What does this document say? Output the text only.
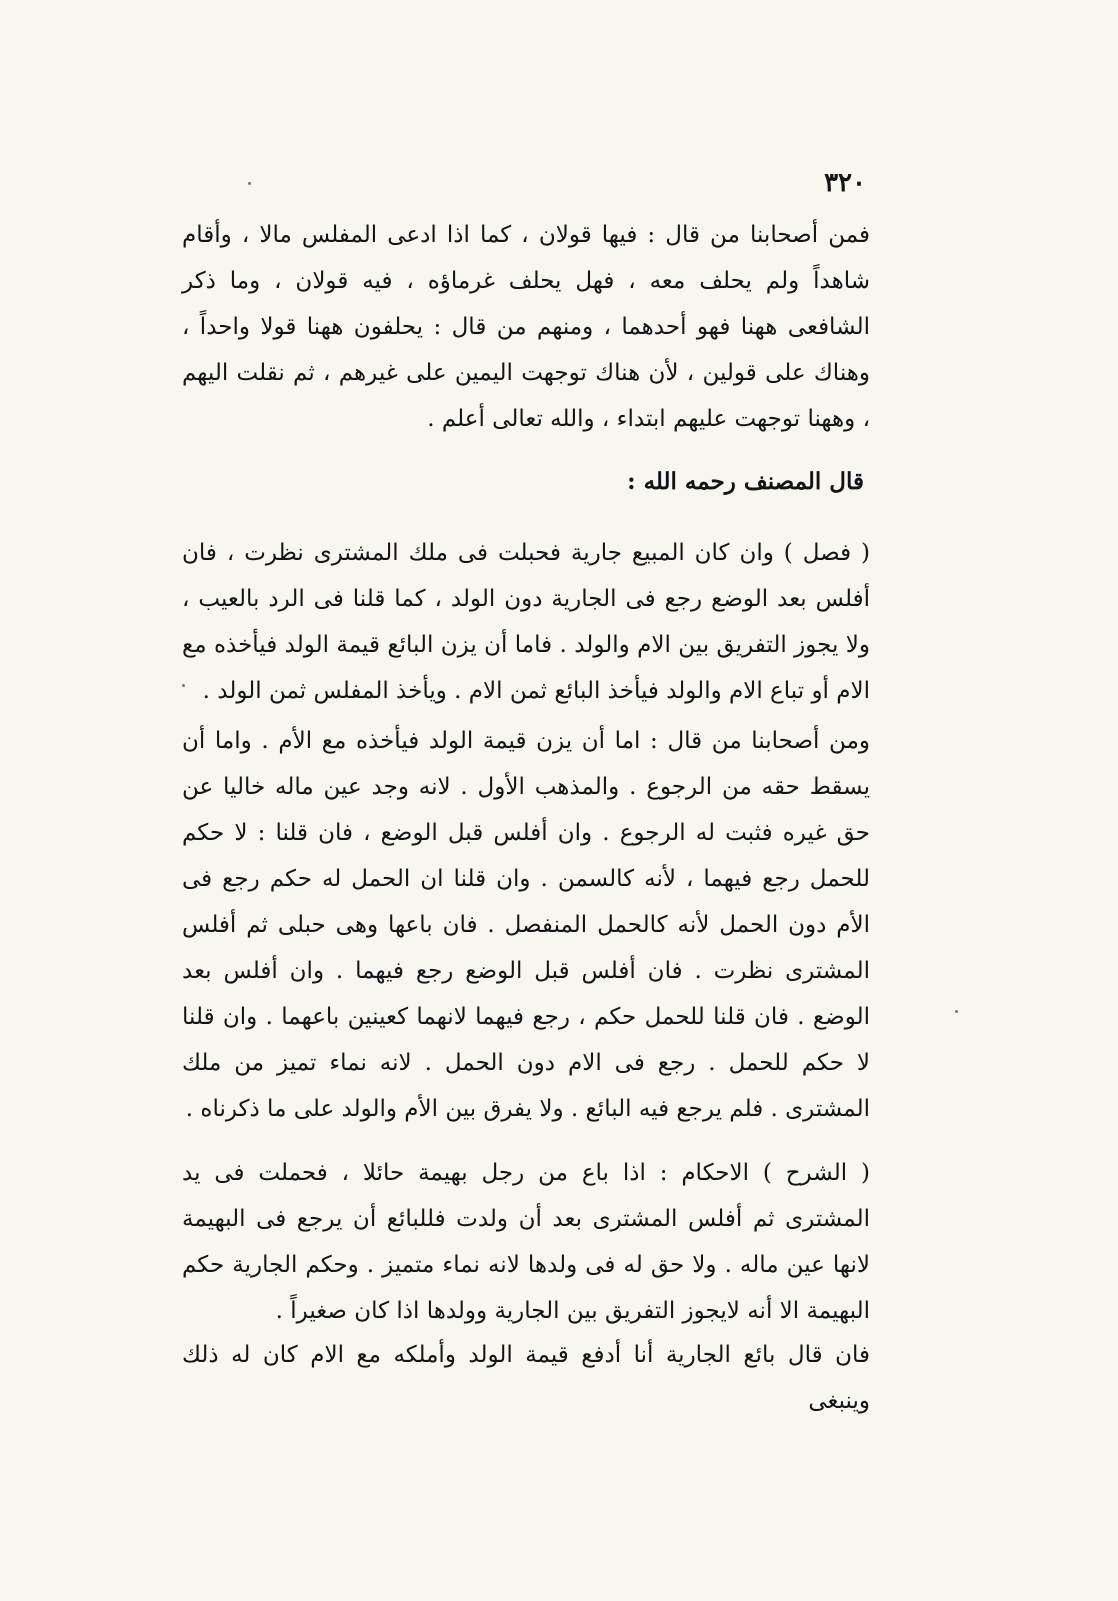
٣٢٠

فمن أصحابنا من قال : فيها قولان ، كما اذا ادعى المفلس مالا ، وأقام شاهداً ولم يحلف معه ، فهل يحلف غرماؤه ، فيه قولان ، وما ذكر الشافعى ههنا فهو أحدهما ، ومنهم من قال : يحلفون ههنا قولا واحداً ، وهناك على قولين ، لأن هناك توجهت اليمين على غيرهم ، ثم نقلت اليهم ، وههنا توجهت عليهم ابتداء ، والله تعالى أعلم .

قال المصنف رحمه الله :

( فصل ) وان كان المبيع جارية فحبلت فى ملك المشترى نظرت ، فان أفلس بعد الوضع رجع فى الجارية دون الولد ، كما قلنا فى الرد بالعيب ، ولا يجوز التفريق بين الام والولد . فاما أن يزن البائع قيمة الولد فيأخذه مع الام أو تباع الام والولد فيأخذ البائع ثمن الام . ويأخذ المفلس ثمن الولد .

ومن أصحابنا من قال : اما أن يزن قيمة الولد فيأخذه مع الأم . واما أن يسقط حقه من الرجوع . والمذهب الأول . لانه وجد عين ماله خاليا عن حق غيره فثبت له الرجوع . وان أفلس قبل الوضع ، فان قلنا : لا حكم للحمل رجع فيهما ، لأنه كالسمن . وان قلنا ان الحمل له حكم رجع فى الأم دون الحمل لأنه كالحمل المنفصل . فان باعها وهى حبلى ثم أفلس المشترى نظرت . فان أفلس قبل الوضع رجع فيهما . وان أفلس بعد الوضع . فان قلنا للحمل حكم ، رجع فيهما لانهما كعينين باعهما . وان قلنا لا حكم للحمل . رجع فى الام دون الحمل . لانه نماء تميز من ملك المشترى . فلم يرجع فيه البائع . ولا يفرق بين الأم والولد على ما ذكرناه .

( الشرح ) الاحكام : اذا باع من رجل بهيمة حائلا ، فحملت فى يد المشترى ثم أفلس المشترى بعد أن ولدت فللبائع أن يرجع فى البهيمة لانها عين ماله . ولا حق له فى ولدها لانه نماء متميز . وحكم الجارية حكم البهيمة الا أنه لايجوز التفريق بين الجارية وولدها اذا كان صغيراً .

فان قال بائع الجارية أنا أدفع قيمة الولد وأملكه مع الام كان له ذلك وينبغى
